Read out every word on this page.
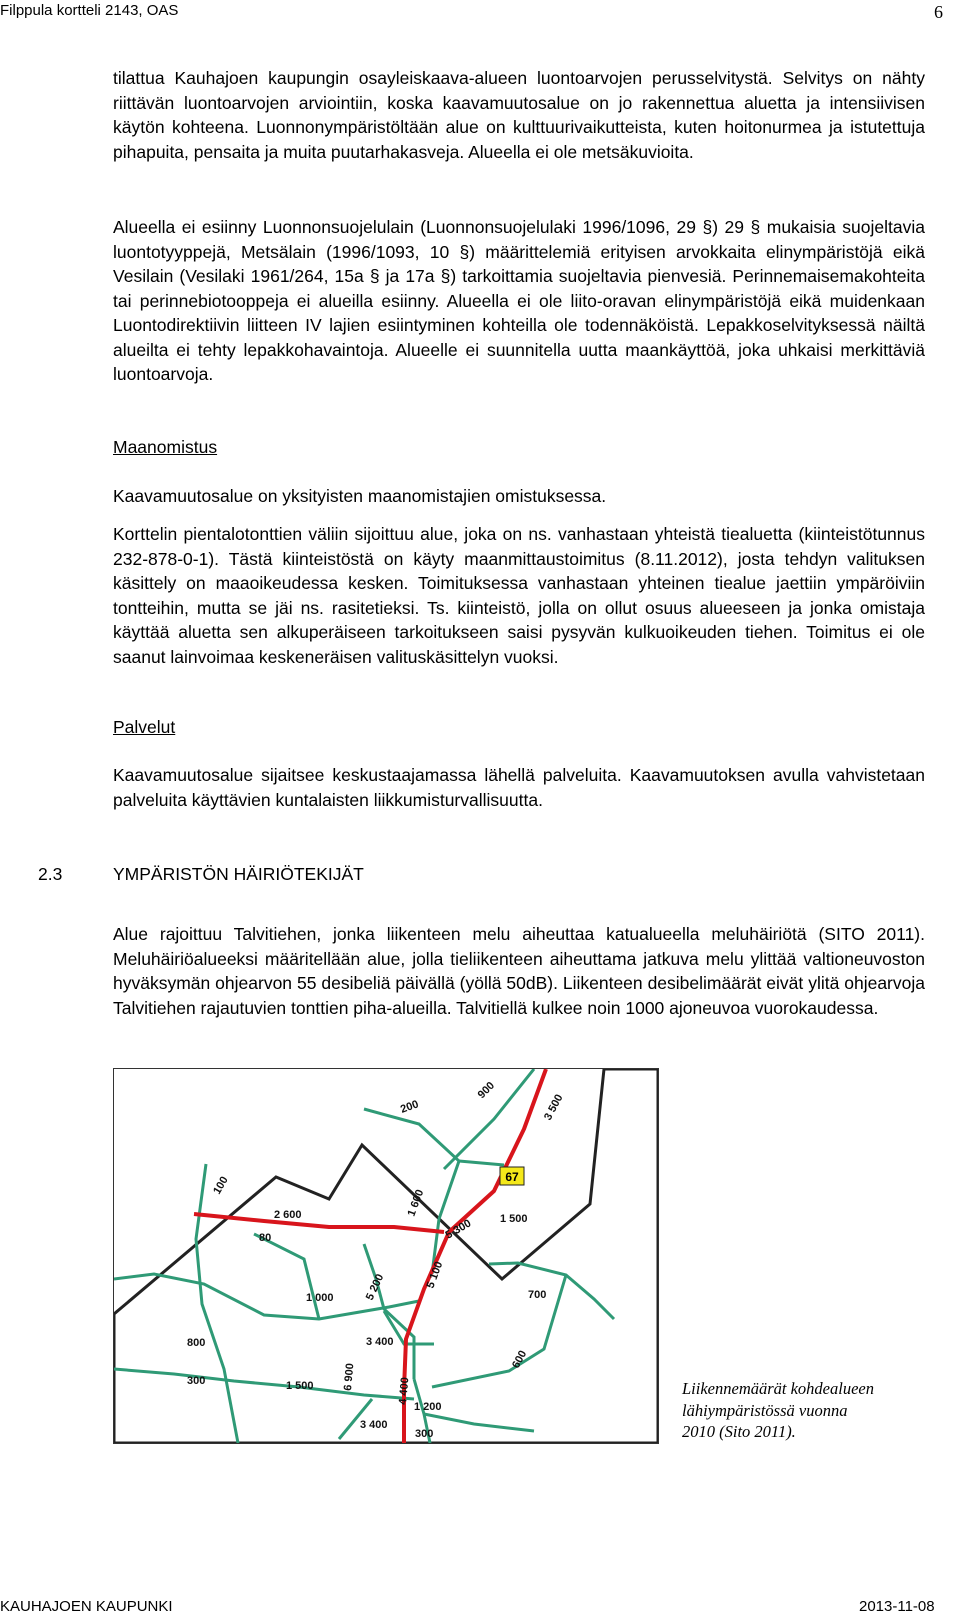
Filppula kortteli 2143, OAS	6

tilattua Kauhajoen kaupungin osayleiskaava-alueen luontoarvojen perusselvitystä. Selvitys on nähty riittävän luontoarvojen arviointiin, koska kaavamuutosalue on jo rakennettua aluetta ja intensiivisen käytön kohteena. Luonnonympäristöltään alue on kulttuurivaikutteista, kuten hoitonurmea ja istutettuja pihapuita, pensaita ja muita puutarhakasveja. Alueella ei ole metsäkuvioita.

Alueella ei esiinny Luonnonsuojelulain (Luonnonsuojelulaki 1996/1096, 29 §) 29 § mukaisia suojeltavia luontotyyppejä, Metsälain (1996/1093, 10 §) määrittelemiä erityisen arvokkaita elinympäristöjä eikä Vesilain (Vesilaki 1961/264, 15a § ja 17a §) tarkoittamia suojeltavia pienvesiä. Perinnemaisemakohteita tai perinnebiotooppeja ei alueilla esiinny. Alueella ei ole liito-oravan elinympäristöjä eikä muidenkaan Luontodirektiivin liitteen IV lajien esiintyminen kohteilla ole todennäköistä. Lepakkoselvityksessä näiltä alueilta ei tehty lepakkohavaintoja. Alueelle ei suunnitella uutta maankäyttöä, joka uhkaisi merkittäviä luontoarvoja.

Maanomistus

Kaavamuutosalue on yksityisten maanomistajien omistuksessa.

Korttelin pientalotonttien väliin sijoittuu alue, joka on ns. vanhastaan yhteistä tiealuetta (kiinteistötunnus 232-878-0-1). Tästä kiinteistöstä on käyty maanmittaustoimitus (8.11.2012), josta tehdyn valituksen käsittely on maaoikeudessa kesken. Toimituksessa vanhastaan yhteinen tiealue jaettiin ympäröiviin tontteihin, mutta se jäi ns. rasitetieksi. Ts. kiinteistö, jolla on ollut osuus alueeseen ja jonka omistaja käyttää aluetta sen alkuperäiseen tarkoitukseen saisi pysyvän kulkuoikeuden tiehen. Toimitus ei ole saanut lainvoimaa keskeneräisen valituskäsittelyn vuoksi.

Palvelut

Kaavamuutosalue sijaitsee keskustaajamassa lähellä palveluita. Kaavamuutoksen avulla vahvistetaan palveluita käyttävien kuntalaisten liikkumisturvallisuutta.

2.3	YMPÄRISTÖN HÄIRIÖTEKIJÄT

Alue rajoittuu Talvitiehen, jonka liikenteen melu aiheuttaa katualueella meluhäiriötä (SITO 2011). Meluhäiriöalueeksi määritellään alue, jolla tieliikenteen aiheuttama jatkuva melu ylittää valtioneuvoston hyväksymän ohjearvon 55 desibeliä päivällä (yöllä 50dB). Liikenteen desibelimäärät eivät ylitä ohjearvoja Talvitiehen rajautuvien tonttien piha-alueilla. Talvitiellä kulkee noin 1000 ajoneuvoa vuorokaudessa.

67
900
3 500
200
100
2 600	1 600
80	5 300 1 500
5 100
1 000	5 200	700
800	3 400
600
6 900	4 400
300	1 500
1 200
3 400
300
Liikennemäärät kohdealueen
lähiympäristössä vuonna
2010 (Sito 2011).
KAUHAJOEN KAUPUNKI	2013-11-08
